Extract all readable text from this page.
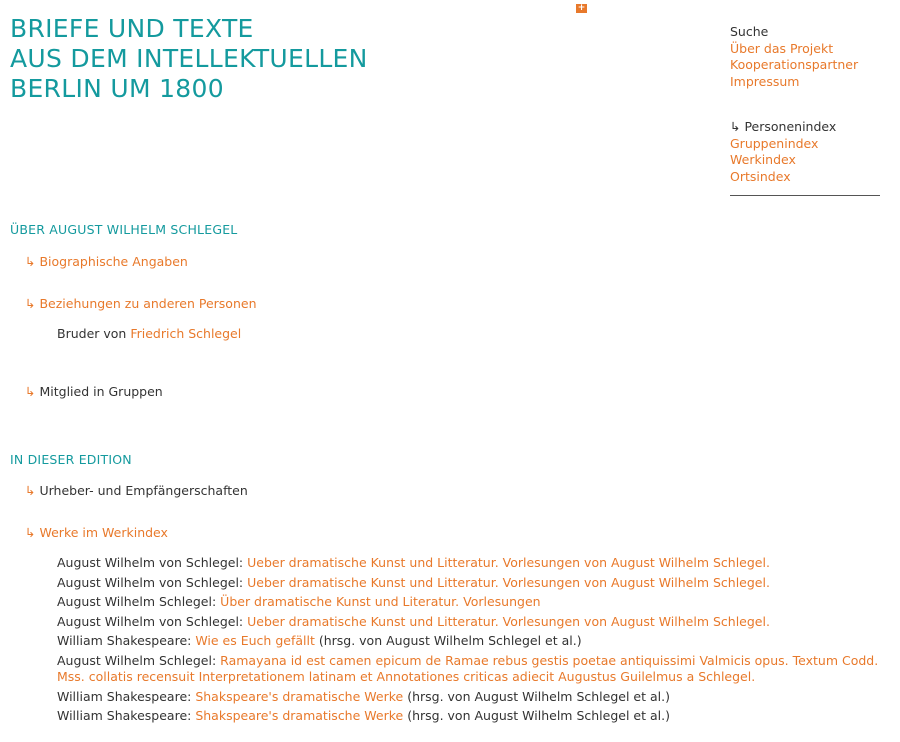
BRIEFE UND TEXTE
AUS DEM INTELLEKTUELLEN
BERLIN UM 1800
+
Suche
Über das Projekt
Kooperationspartner
Impressum
↳ Personenindex
Gruppenindex
Werkindex
Ortsindex
ÜBER AUGUST WILHELM SCHLEGEL
↳ Biographische Angaben
↳ Beziehungen zu anderen Personen
Bruder von Friedrich Schlegel
↳ Mitglied in Gruppen
IN DIESER EDITION
↳ Urheber- und Empfängerschaften
↳ Werke im Werkindex
August Wilhelm von Schlegel: Ueber dramatische Kunst und Litteratur. Vorlesungen von August Wilhelm Schlegel.
August Wilhelm von Schlegel: Ueber dramatische Kunst und Litteratur. Vorlesungen von August Wilhelm Schlegel.
August Wilhelm Schlegel: Über dramatische Kunst und Literatur. Vorlesungen
August Wilhelm von Schlegel: Ueber dramatische Kunst und Litteratur. Vorlesungen von August Wilhelm Schlegel.
William Shakespeare: Wie es Euch gefällt (hrsg. von August Wilhelm Schlegel et al.)
August Wilhelm Schlegel: Ramayana id est camen epicum de Ramae rebus gestis poetae antiquissimi Valmicis opus. Textum Codd. Mss. collatis recensuit Interpretationem latinam et Annotationes criticas adiecit Augustus Guilelmus a Schlegel.
William Shakespeare: Shakspeare's dramatische Werke (hrsg. von August Wilhelm Schlegel et al.)
William Shakespeare: Shakspeare's dramatische Werke (hrsg. von August Wilhelm Schlegel et al.)
